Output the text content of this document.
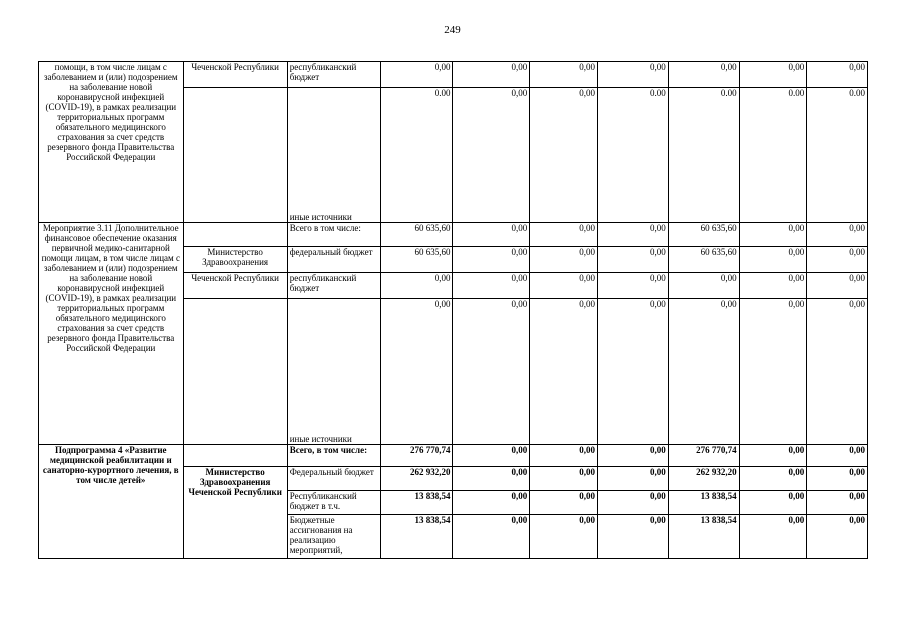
249
помощи, в том числе лицам с заболеванием и (или) подозрением на заболевание новой коронавирусной инфекцией (COVID-19), в рамках реализации территориальных программ обязательного медицинского страхования за счет средств резервного фонда Правительства Российской Федерации	Чеченской Республики	республиканский бюджет	0,00	0,00	0,00	0,00	0,00	0,00	0,00
		иные источники	0.00	0,00	0,00	0.00	0.00	0.00	0.00
Мероприятие 3.11 Дополнительное финансовое обеспечение оказания первичной медико-санитарной помощи лицам, в том числе лицам с заболеванием и (или) подозрением на заболевание новой коронавирусной инфекцией (COVID-19), в рамках реализации территориальных программ обязательного медицинского страхования за счет средств резервного фонда Правительства Российской Федерации		Всего в том числе:	60 635,60	0,00	0,00	0,00	60 635,60	0,00	0,00
	Министерство Здравоохранения	федеральный бюджет	60 635,60	0,00	0,00	0,00	60 635,60	0,00	0,00
	Чеченской Республики	республиканский бюджет	0,00	0,00	0,00	0,00	0,00	0,00	0,00
		иные источники	0,00	0,00	0,00	0,00	0,00	0,00	0,00
Подпрограмма 4 «Развитие медицинской реабилитации и санаторно-курортного лечения, в том числе детей»		Всего, в том числе:	276 770,74	0,00	0,00	0,00	276 770,74	0,00	0,00
	Министерство Здравоохранения Чеченской Республики	Федеральный бюджет	262 932,20	0,00	0,00	0,00	262 932,20	0,00	0,00
		Республиканский бюджет в т.ч.	13 838,54	0,00	0,00	0,00	13 838,54	0,00	0,00
		Бюджетные ассигнования на реализацию мероприятий,	13 838,54	0,00	0,00	0,00	13 838,54	0,00	0,00
